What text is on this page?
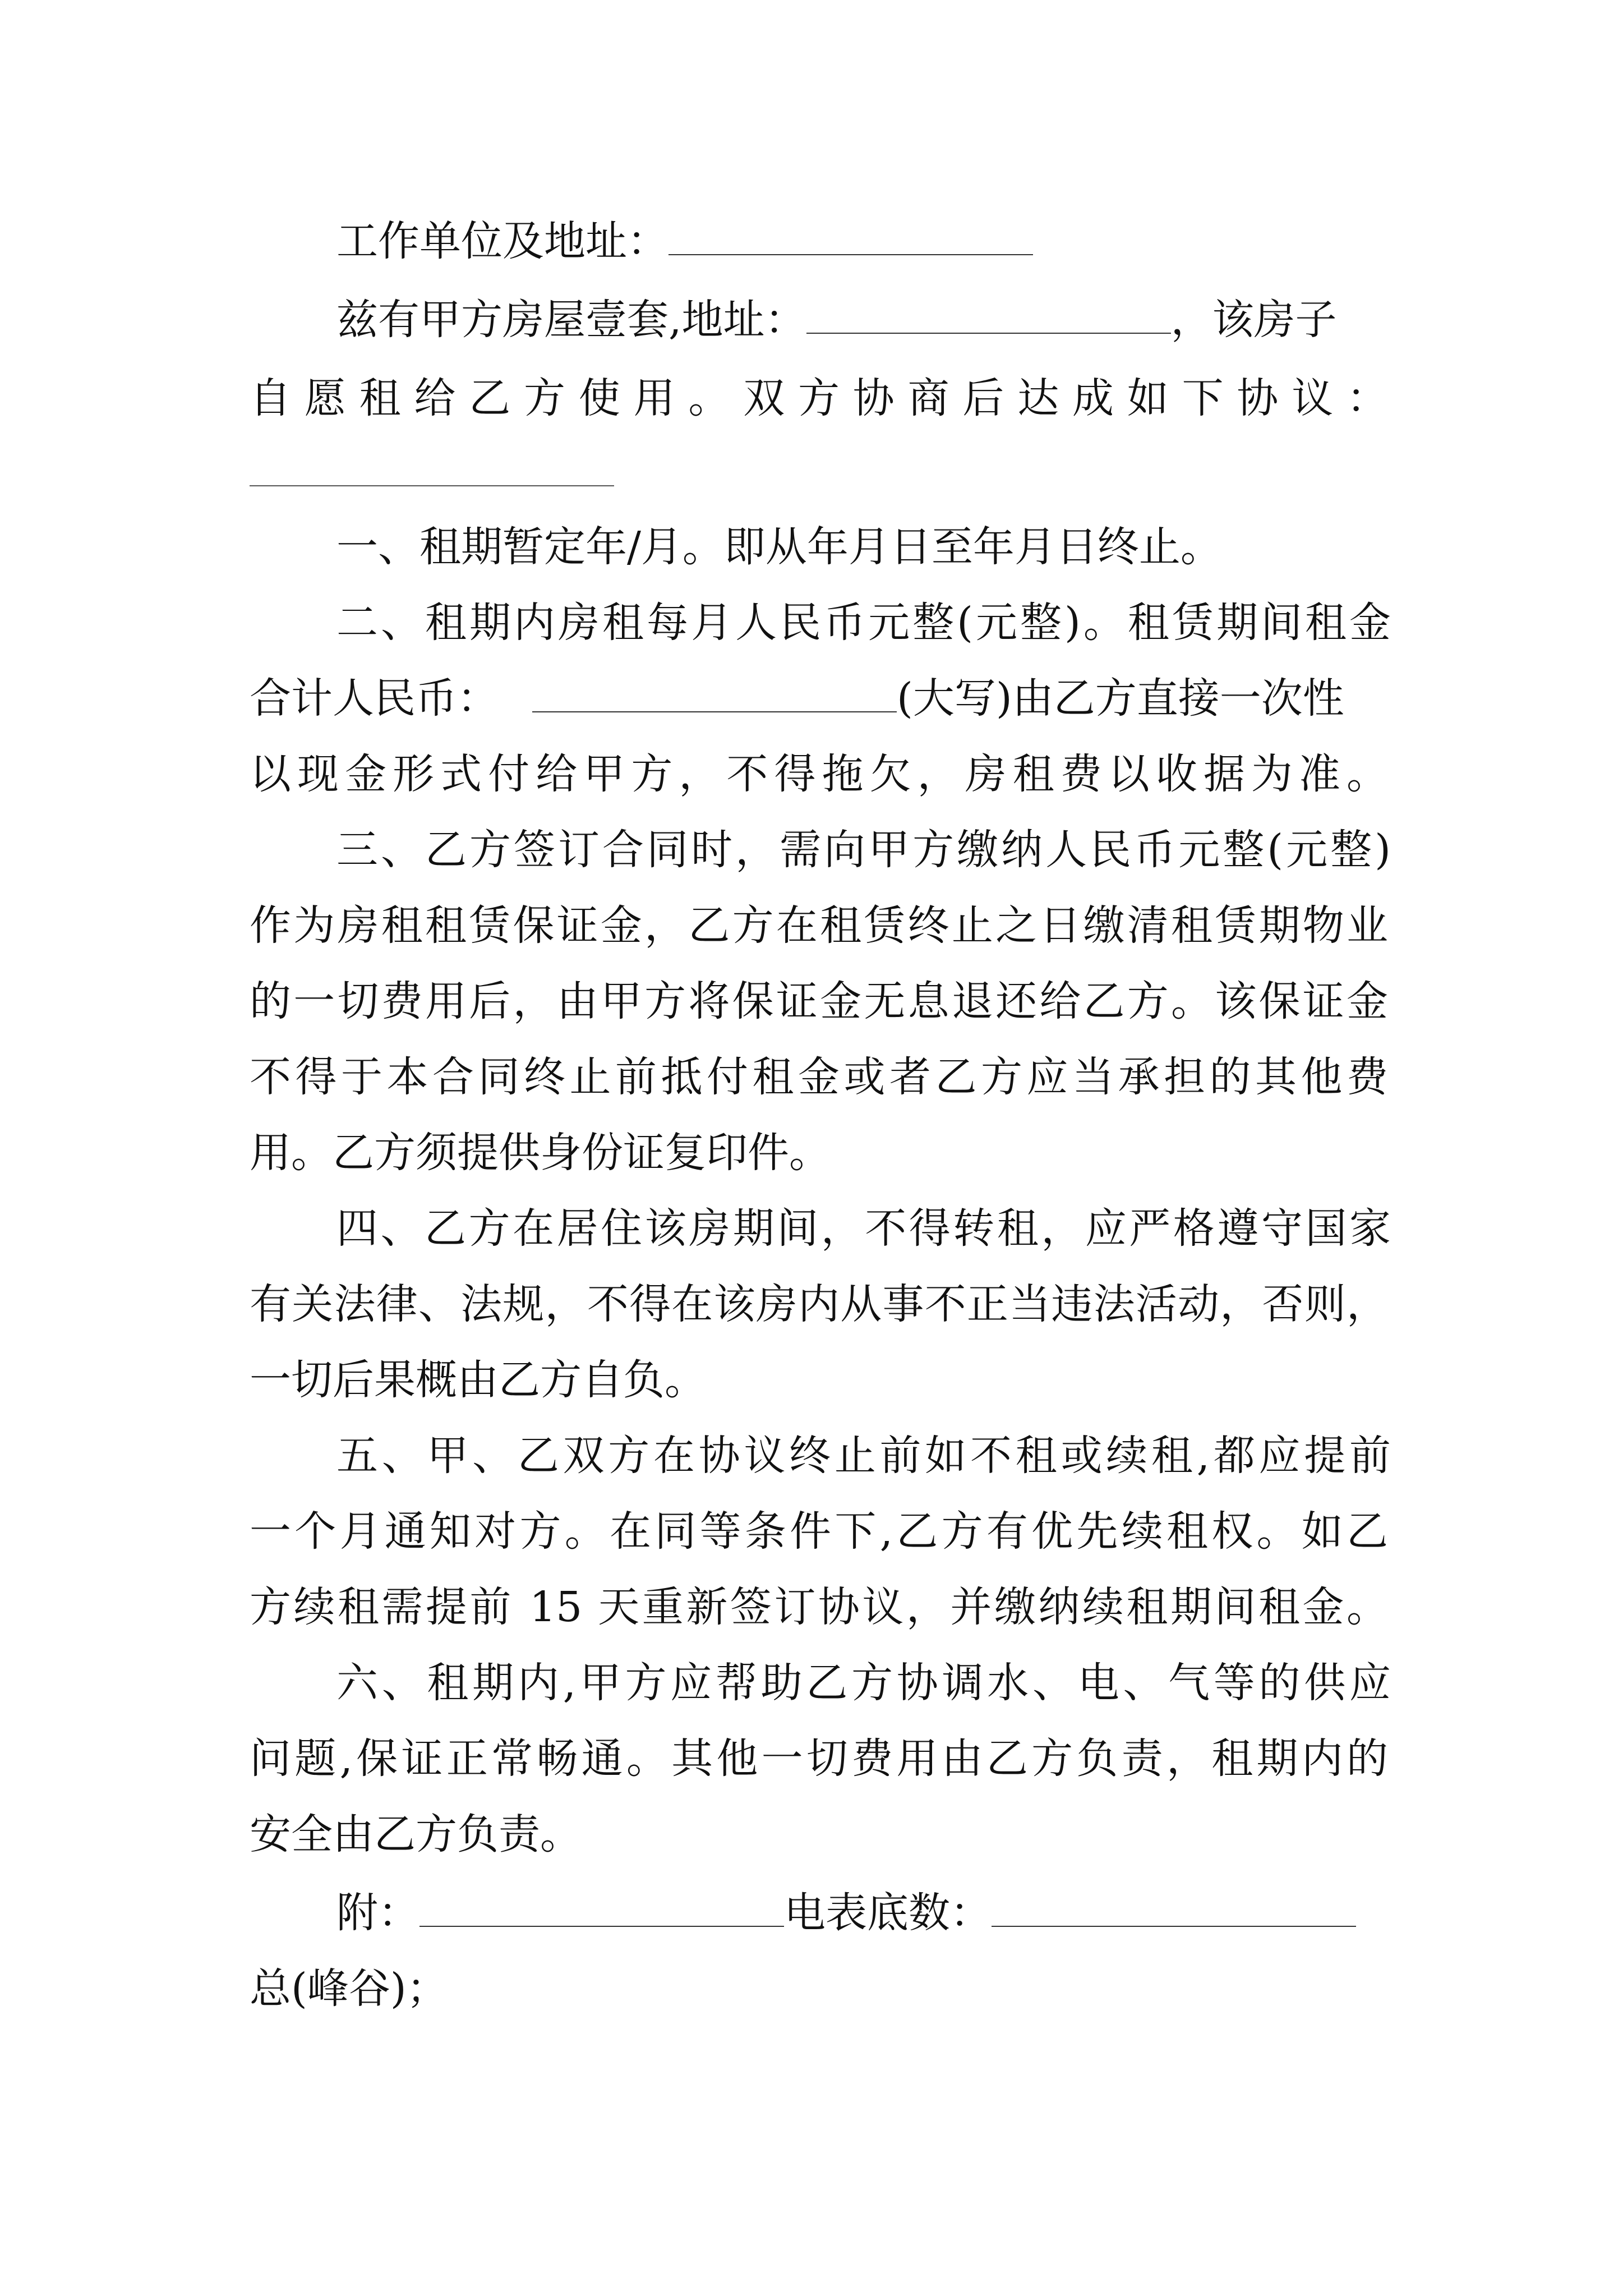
工作单位及地址：
兹有甲方房屋壹套,地址：	，该房子
自愿租给乙方使用。双方协商后达成如下协议：
一、租期暂定年/月。即从年月日至年月日终止。
二、租期内房租每月人民币元整(元整)。租赁期间租金
合计人民币：	(大写)由乙方直接一次性
以现金形式付给甲方，不得拖欠，房租费以收据为准。
三、乙方签订合同时，需向甲方缴纳人民币元整(元整)
作为房租租赁保证金，乙方在租赁终止之日缴清租赁期物业
的一切费用后，由甲方将保证金无息退还给乙方。该保证金
不得于本合同终止前抵付租金或者乙方应当承担的其他费
用。乙方须提供身份证复印件。
四、乙方在居住该房期间，不得转租，应严格遵守国家
有关法律、法规，不得在该房内从事不正当违法活动，否则，
一切后果概由乙方自负。
五、甲、乙双方在协议终止前如不租或续租,都应提前
一个月通知对方。在同等条件下,乙方有优先续租权。如乙
方续租需提前 15 天重新签订协议，并缴纳续租期间租金。
六、租期内,甲方应帮助乙方协调水、电、气等的供应
问题,保证正常畅通。其他一切费用由乙方负责，租期内的
安全由乙方负责。
附：	电表底数：
总(峰谷)；
